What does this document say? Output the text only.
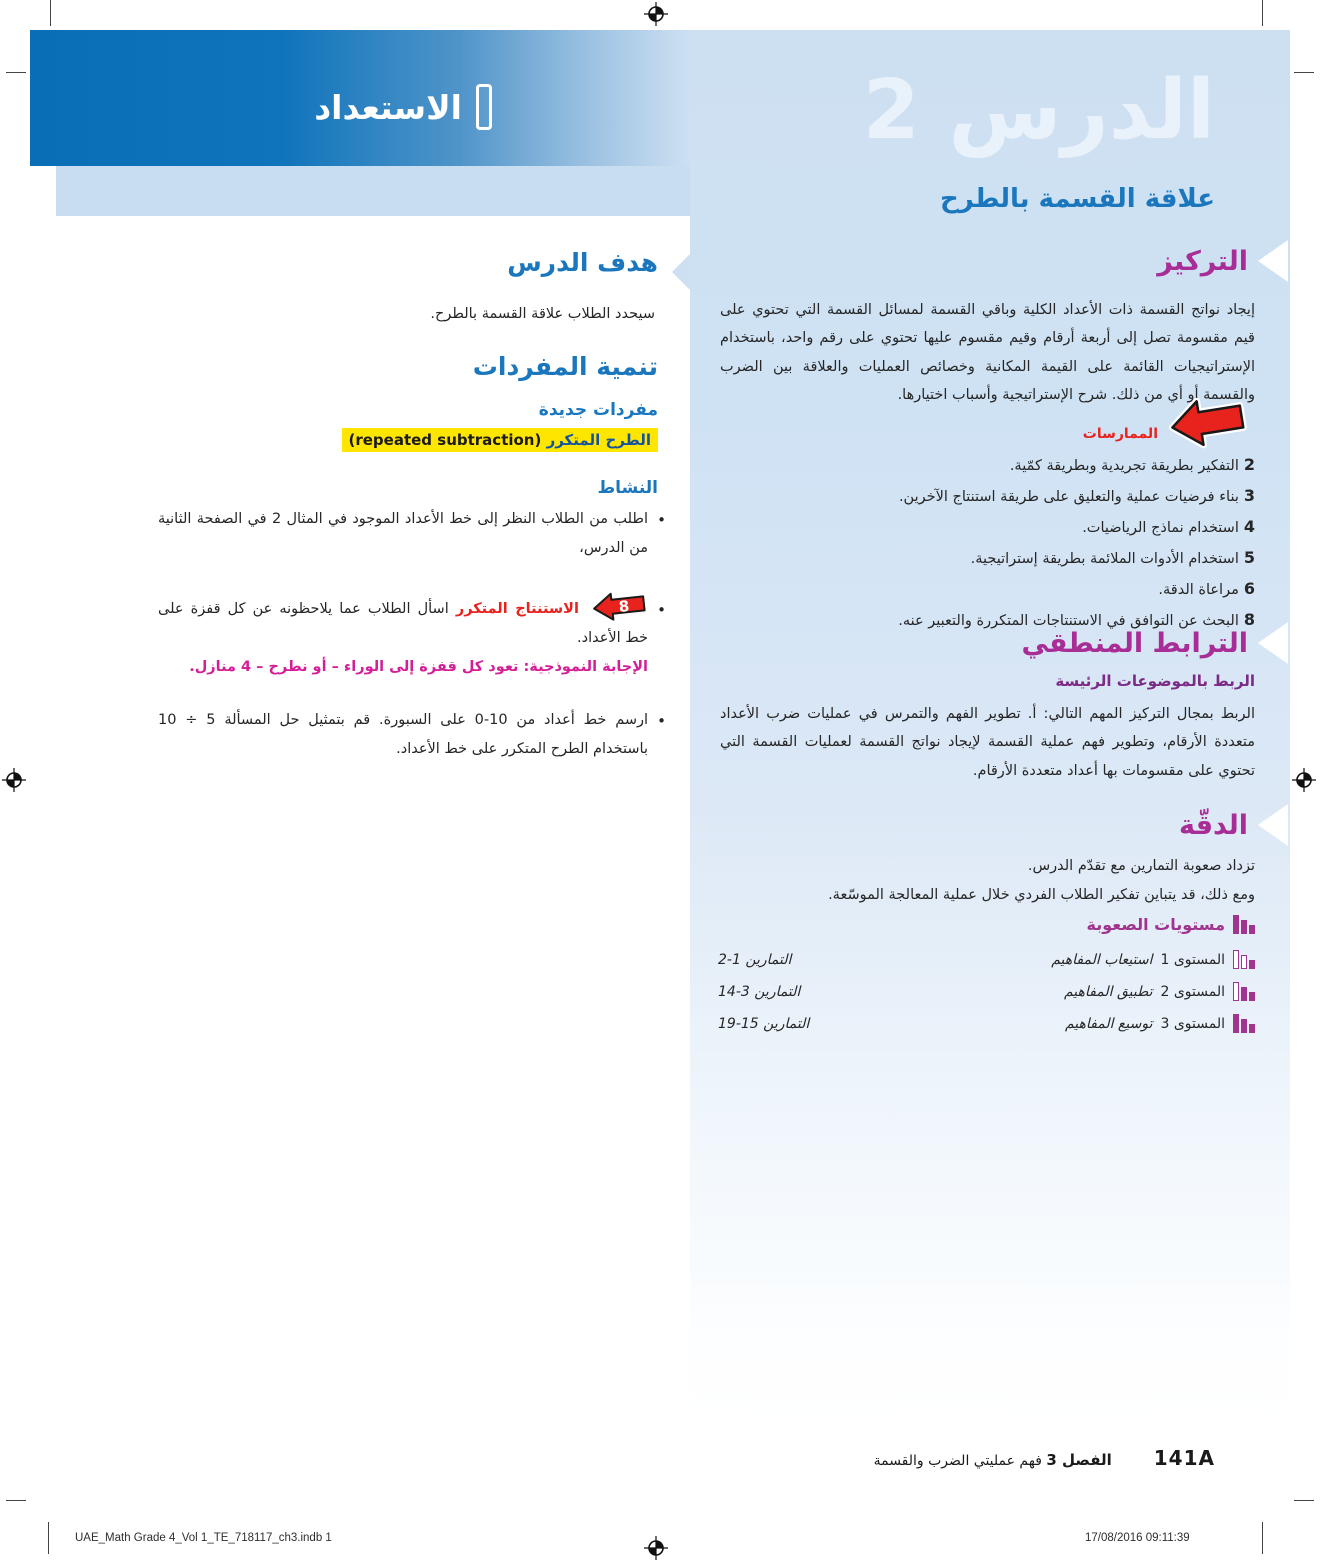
الاستعداد	الدرس 2
علاقة القسمة بالطرح
التركيز
إيجاد نواتج القسمة ذات الأعداد الكلية وباقي القسمة لمسائل القسمة التي تحتوي على قيم مقسومة تصل إلى أربعة أرقام وقيم مقسوم عليها تحتوي على رقم واحد، باستخدام الإستراتيجيات القائمة على القيمة المكانية وخصائص العمليات والعلاقة بين الضرب والقسمة أو أي من ذلك. شرح الإستراتيجية وأسباب اختيارها.
الممارسات
2التفكير بطريقة تجريدية وبطريقة كمّية.
3بناء فرضيات عملية والتعليق على طريقة استنتاج الآخرين.
4استخدام نماذج الرياضيات.
5استخدام الأدوات الملائمة بطريقة إستراتيجية.
6مراعاة الدقة.
8البحث عن التوافق في الاستنتاجات المتكررة والتعبير عنه.
الترابط المنطقي
الربط بالموضوعات الرئيسة
الربط بمجال التركيز المهم التالي: أ. تطوير الفهم والتمرس في عمليات ضرب الأعداد متعددة الأرقام، وتطوير فهم عملية القسمة لإيجاد نواتج القسمة لعمليات القسمة التي تحتوي على مقسومات بها أعداد متعددة الأرقام.
الدقّة
تزداد صعوبة التمارين مع تقدّم الدرس.
ومع ذلك، قد يتباين تفكير الطلاب الفردي خلال عملية المعالجة الموسّعة.
مستويات الصعوبة
المستوى 1
استيعاب المفاهيم
التمارين 1-2
المستوى 2
تطبيق المفاهيم
التمارين 3-14
المستوى 3
توسيع المفاهيم
التمارين 15-19
هدف الدرس
سيحدد الطلاب علاقة القسمة بالطرح.
تنمية المفردات
مفردات جديدة
الطرح المتكرر (repeated subtraction)
النشاط
•
اطلب من الطلاب النظر إلى خط الأعداد الموجود في المثال 2 في الصفحة الثانية من الدرس،
•
8
الاستنتاج المتكرر اسأل الطلاب عما يلاحظونه عن كل قفزة على خط الأعداد.
الإجابة النموذجية: تعود كل قفزة إلى الوراء – أو نطرح – 4 منازل.
•
ارسم خط أعداد من 10-0 على السبورة. قم بتمثيل حل المسألة 10 ÷ 5 باستخدام الطرح المتكرر على خط الأعداد.
141A
الفصل 3 فهم عمليتي الضرب والقسمة
UAE_Math Grade 4_Vol 1_TE_718117_ch3.indb 1	17/08/2016 09:11:39
